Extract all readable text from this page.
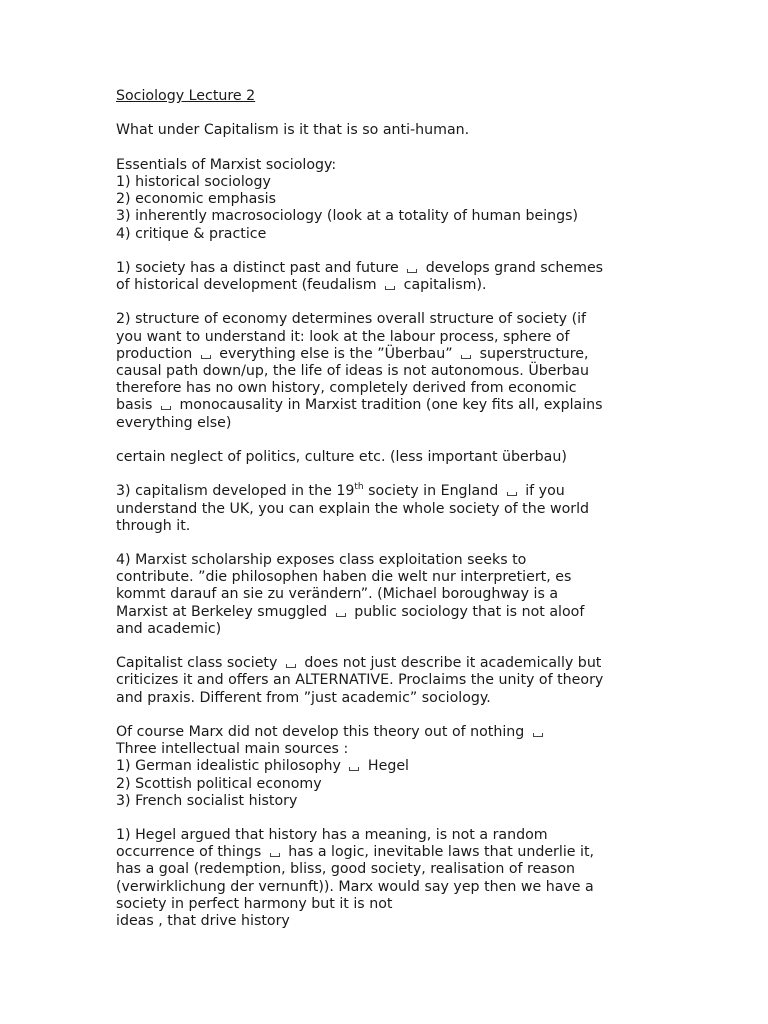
Sociology Lecture 2
What under Capitalism is it that is so anti-human.
Essentials of Marxist sociology:
1) historical sociology
2) economic emphasis
3) inherently macrosociology (look at a totality of human beings)
4) critique & practice
1) society has a distinct past and future develops grand schemes
of historical development (feudalism capitalism).
2) structure of economy determines overall structure of society (if
you want to understand it: look at the labour process, sphere of
production everything else is the ”Überbau” superstructure,
causal path down/up, the life of ideas is not autonomous. Überbau
therefore has no own history, completely derived from economic
basis monocausality in Marxist tradition (one key fits all, explains
everything else)
certain neglect of politics, culture etc. (less important überbau)
3) capitalism developed in the 19th society in England if you
understand the UK, you can explain the whole society of the world
through it.
4) Marxist scholarship exposes class exploitation seeks to
contribute. ”die philosophen haben die welt nur interpretiert, es
kommt darauf an sie zu verändern”. (Michael boroughway is a
Marxist at Berkeley smuggled public sociology that is not aloof
and academic)
Capitalist class society does not just describe it academically but
criticizes it and offers an ALTERNATIVE. Proclaims the unity of theory
and praxis. Different from ”just academic” sociology.
Of course Marx did not develop this theory out of nothing
Three intellectual main sources :
1) German idealistic philosophy Hegel
2) Scottish political economy
3) French socialist history
1) Hegel argued that history has a meaning, is not a random
occurrence of things has a logic, inevitable laws that underlie it,
has a goal (redemption, bliss, good society, realisation of reason
(verwirklichung der vernunft)). Marx would say yep then we have a
society in perfect harmony but it is not
ideas , that drive history
